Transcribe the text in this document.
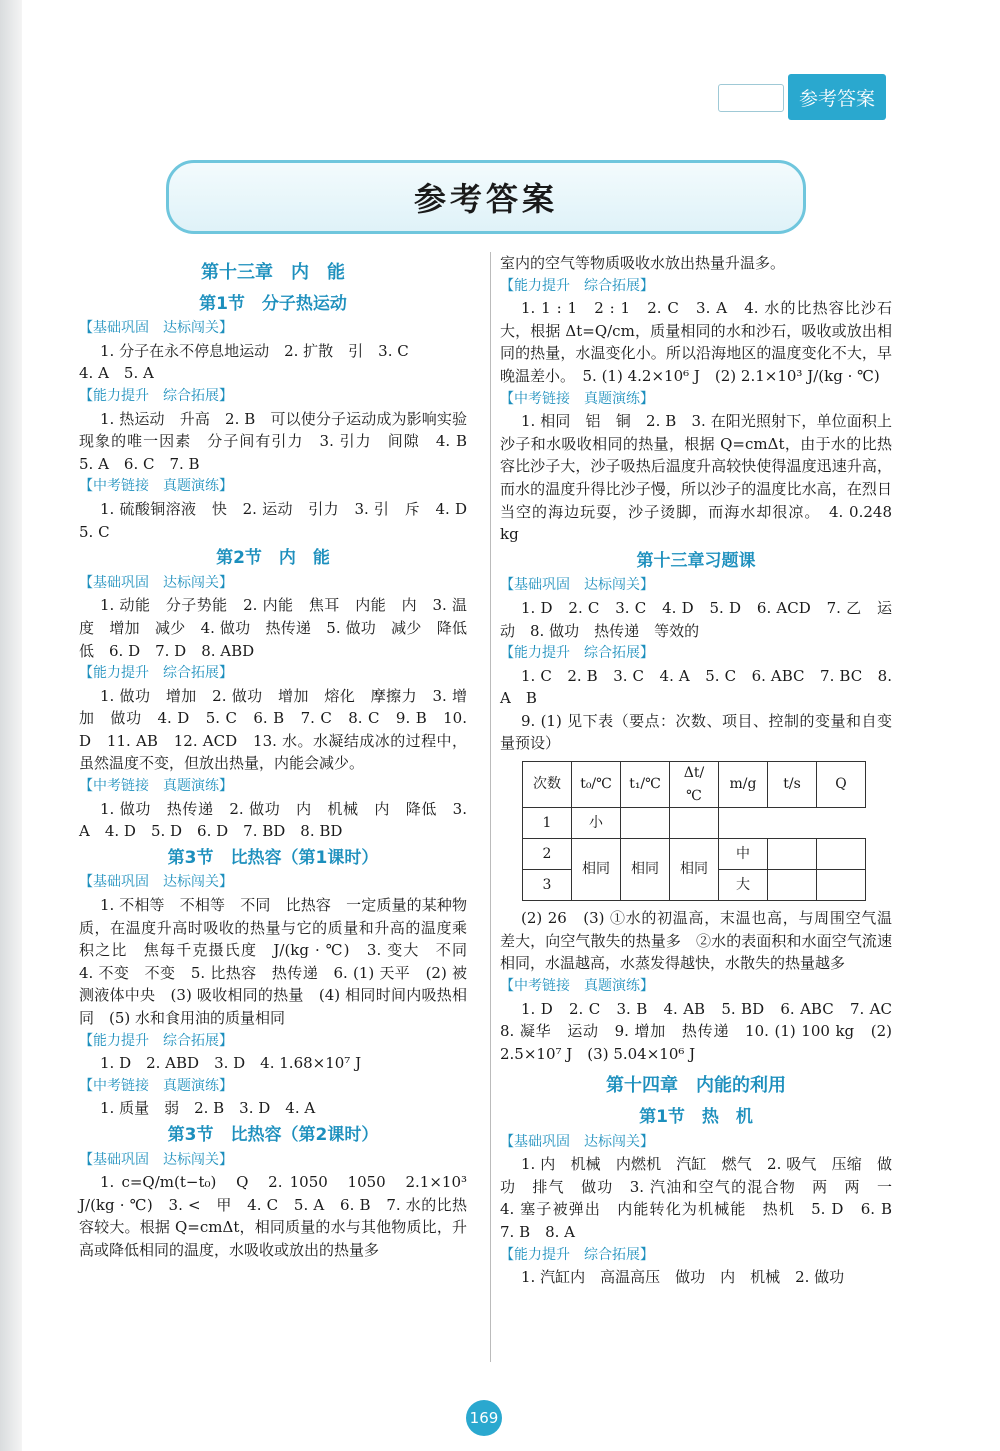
参考答案
参考答案
第十三章　内　能
第1节　分子热运动
【基础巩固　达标闯关】

1. 分子在永不停息地运动　2. 扩散　引　3. C

4. A　5. A

【能力提升　综合拓展】

1. 热运动　升高　2. B　可以使分子运动成为影响实验现象的唯一因素　分子间有引力　3. 引力　间隙　4. B　5. A　6. C　7. B

【中考链接　真题演练】

1. 硫酸铜溶液　快　2. 运动　引力　3. 引　斥　4. D　5. C

第2节　内　能
【基础巩固　达标闯关】

1. 动能　分子势能　2. 内能　焦耳　内能　内　3. 温度　增加　减少　4. 做功　热传递　5. 做功　减少　降低　低　6. D　7. D　8. ABD

【能力提升　综合拓展】

1. 做功　增加　2. 做功　增加　熔化　摩擦力　3. 增加　做功　4. D　5. C　6. B　7. C　8. C　9. B　10. D　11. AB　12. ACD　13. 水。水凝结成冰的过程中，虽然温度不变，但放出热量，内能会减少。

【中考链接　真题演练】

1. 做功　热传递　2. 做功　内　机械　内　降低　3. A　4. D　5. D　6. D　7. BD　8. BD

第3节　比热容（第1课时）
【基础巩固　达标闯关】

1. 不相等　不相等　不同　比热容　一定质量的某种物质，在温度升高时吸收的热量与它的质量和升高的温度乘积之比　焦每千克摄氏度　J/(kg · ℃)　3. 变大　不同　4. 不变　不变　5. 比热容　热传递　6. (1) 天平　(2) 被测液体中央　(3) 吸收相同的热量　(4) 相同时间内吸热相同　(5) 水和食用油的质量相同

【能力提升　综合拓展】

1. D　2. ABD　3. D　4. 1.68×10⁷ J

【中考链接　真题演练】

1. 质量　弱　2. B　3. D　4. A

第3节　比热容（第2课时）
【基础巩固　达标闯关】

1. c=Q/m(t−t₀)　Q　2. 1050　1050　2.1×10³ J/(kg · ℃)　3. <　甲　4. C　5. A　6. B　7. 水的比热容较大。根据 Q=cmΔt，相同质量的水与其他物质比，升高或降低相同的温度，水吸收或放出的热量多

室内的空气等物质吸收水放出热量升温多。

【能力提升　综合拓展】

1. 1 : 1　2 : 1　2. C　3. A　4. 水的比热容比沙石大，根据 Δt=Q/cm，质量相同的水和沙石，吸收或放出相同的热量，水温变化小。所以沿海地区的温度变化不大，早晚温差小。　5. (1) 4.2×10⁶ J　(2) 2.1×10³ J/(kg · ℃)

【中考链接　真题演练】

1. 相同　铝　铜　2. B　3. 在阳光照射下，单位面积上沙子和水吸收相同的热量，根据 Q=cmΔt，由于水的比热容比沙子大，沙子吸热后温度升高较快使得温度迅速升高，而水的温度升得比沙子慢，所以沙子的温度比水高，在烈日当空的海边玩耍，沙子烫脚，而海水却很凉。　4. 0.248 kg

第十三章习题课
【基础巩固　达标闯关】

1. D　2. C　3. C　4. D　5. D　6. ACD　7. 乙　运动　8. 做功　热传递　等效的

【能力提升　综合拓展】

1. C　2. B　3. C　4. A　5. C　6. ABC　7. BC　8. A　B

9. (1) 见下表（要点：次数、项目、控制的变量和自变量预设）

次数	t₀/℃	t₁/℃	Δt/℃	m/g	t/s	Q
1	小					
2	相同	相同	相同	中		
3				大		

(2) 26　(3) ①水的初温高，末温也高，与周围空气温差大，向空气散失的热量多　②水的表面积和水面空气流速相同，水温越高，水蒸发得越快，水散失的热量越多

【中考链接　真题演练】

1. D　2. C　3. B　4. AB　5. BD　6. ABC　7. AC　8. 凝华　运动　9. 增加　热传递　10. (1) 100 kg　(2) 2.5×10⁷ J　(3) 5.04×10⁶ J

第十四章　内能的利用
第1节　热　机
【基础巩固　达标闯关】

1. 内　机械　内燃机　汽缸　燃气　2. 吸气　压缩　做功　排气　做功　3. 汽油和空气的混合物　两　两　一　4. 塞子被弹出　内能转化为机械能　热机　5. D　6. B　7. B　8. A

【能力提升　综合拓展】

1. 汽缸内　高温高压　做功　内　机械　2. 做功

169
